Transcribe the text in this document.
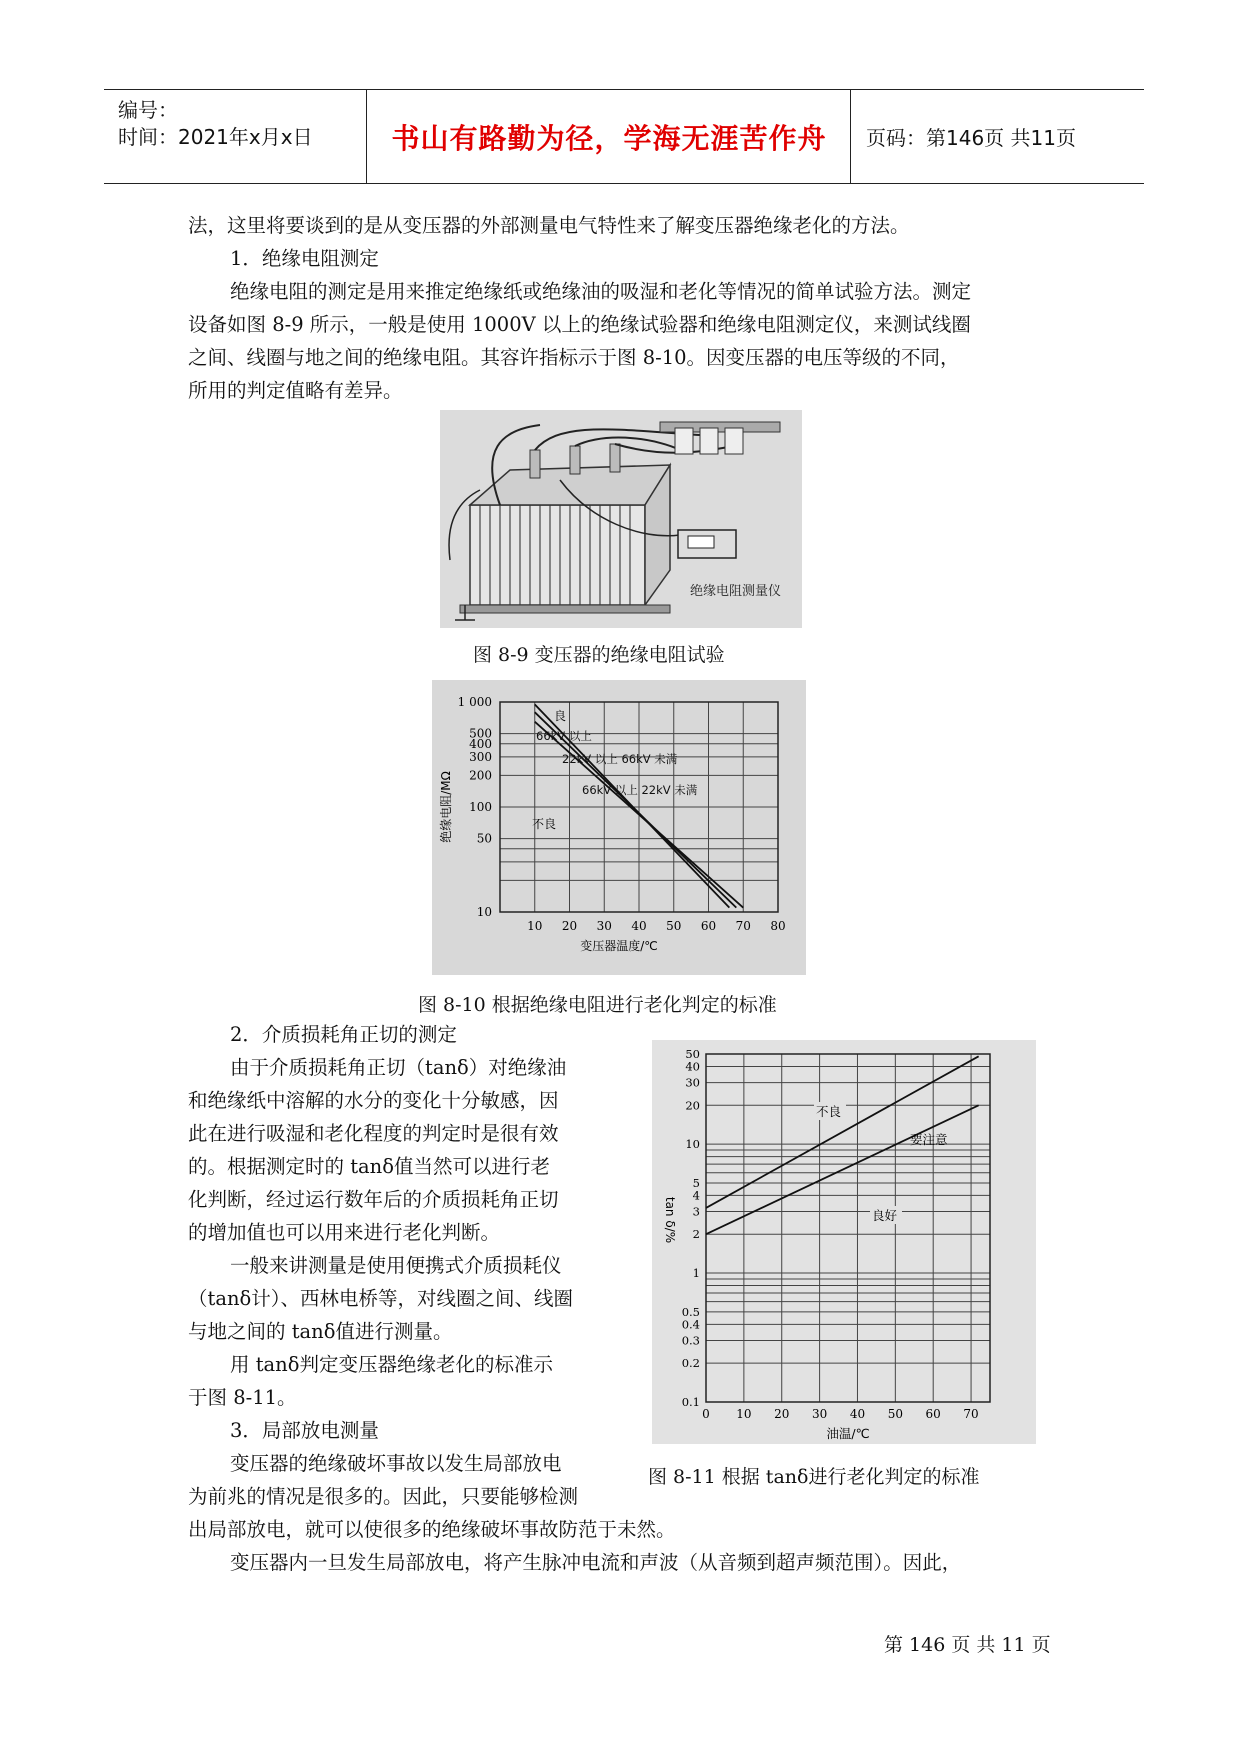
编号：
时间：2021年x月x日	书山有路勤为径，学海无涯苦作舟	页码：第146页 共11页
法，这里将要谈到的是从变压器的外部测量电气特性来了解变压器绝缘老化的方法。
1．绝缘电阻测定
绝缘电阻的测定是用来推定绝缘纸或绝缘油的吸湿和老化等情况的简单试验方法。测定
设备如图 8-9 所示，一般是使用 1000V 以上的绝缘试验器和绝缘电阻测定仪，来测试线圈
之间、线圈与地之间的绝缘电阻。其容许指标示于图 8-10。因变压器的电压等级的不同，
所用的判定值略有差异。
绝缘电阻测量仪
图 8-9 变压器的绝缘电阻试验
10 20 30 40 50 60 70 80
1 000
500
400
300
200
100
50
10
66kV 以上
22kV 以上 66kV 未满
66kV 以上 22kV 未满
良
不良
变压器温度/℃
绝缘电阻/MΩ
图 8-10 根据绝缘电阻进行老化判定的标准
2．介质损耗角正切的测定
由于介质损耗角正切（tanδ）对绝缘油
和绝缘纸中溶解的水分的变化十分敏感，因
此在进行吸湿和老化程度的判定时是很有效
的。根据测定时的 tanδ值当然可以进行老
化判断，经过运行数年后的介质损耗角正切
的增加值也可以用来进行老化判断。
一般来讲测量是使用便携式介质损耗仪
（tanδ计）、西林电桥等，对线圈之间、线圈
与地之间的 tanδ值进行测量。
用 tanδ判定变压器绝缘老化的标准示
于图 8-11。
3．局部放电测量
变压器的绝缘破坏事故以发生局部放电
为前兆的情况是很多的。因此，只要能够检测
出局部放电，就可以使很多的绝缘破坏事故防范于未然。
变压器内一旦发生局部放电，将产生脉冲电流和声波（从音频到超声频范围）。因此，
0 10 20 30 40 50 60 70
50
40
30
20
10
5
4
3
2
1
0.5
0.4
0.3
0.2
0.1
不良
良好
要注意
油温/℃
tan δ/%
图 8-11 根据 tanδ进行老化判定的标准
第 146 页 共 11 页
